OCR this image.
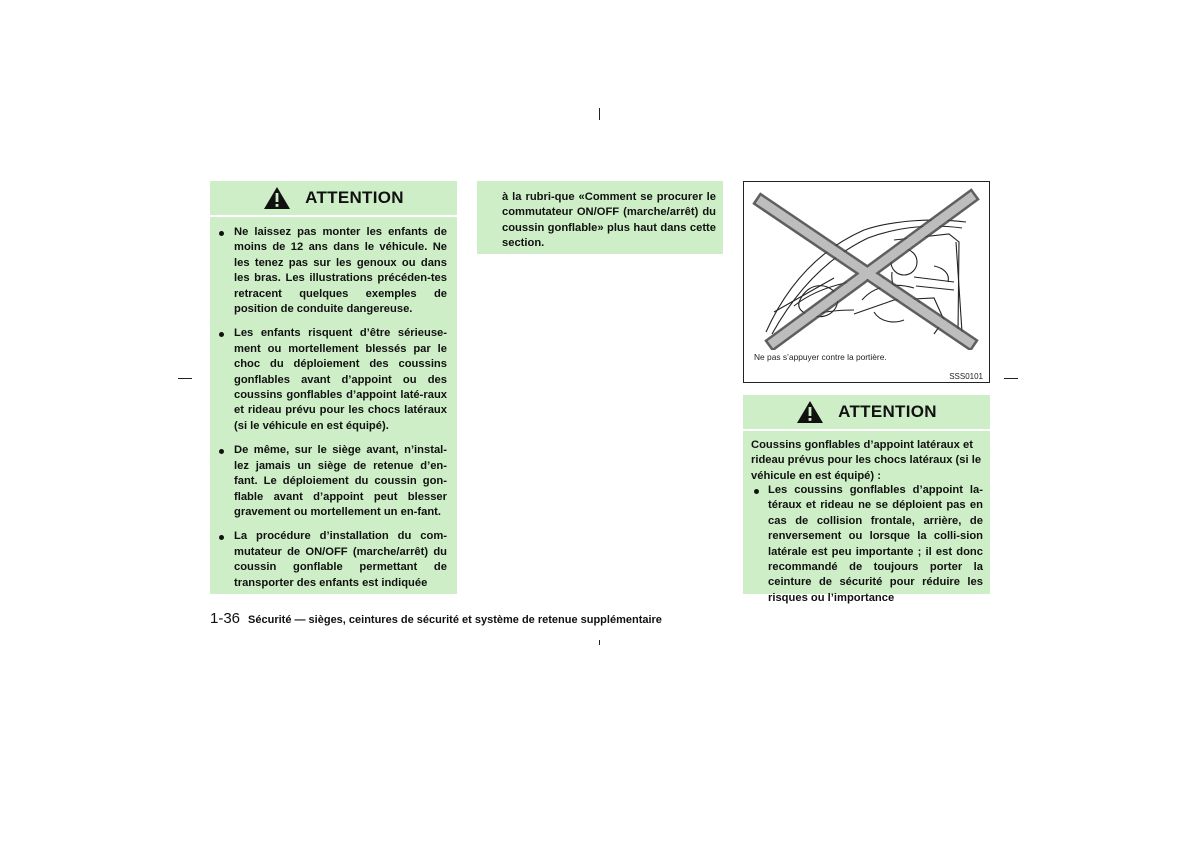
ATTENTION
Ne laissez pas monter les enfants de moins de 12 ans dans le véhicule. Ne les tenez pas sur les genoux ou dans les bras. Les illustrations précéden-tes retracent quelques exemples de position de conduite dangereuse.
Les enfants risquent d’être sérieuse-ment ou mortellement blessés par le choc du déploiement des coussins gonflables avant d’appoint ou des coussins gonflables d’appoint laté-raux et rideau prévu pour les chocs latéraux (si le véhicule en est équipé).
De même, sur le siège avant, n’instal-lez jamais un siège de retenue d’en-fant. Le déploiement du coussin gon-flable avant d’appoint peut blesser gravement ou mortellement un en-fant.
La procédure d’installation du com-mutateur de ON/OFF (marche/arrêt) du coussin gonflable permettant de transporter des enfants est indiquée
à la rubri-que «Comment se procurer le commutateur ON/OFF (marche/arrêt) du coussin gonflable» plus haut dans cette section.
Ne pas s’appuyer contre la portière.
SSS0101
ATTENTION
Coussins gonflables d’appoint latéraux et rideau prévus pour les chocs latéraux (si le véhicule en est équipé) :
Les coussins gonflables d’appoint la-téraux et rideau ne se déploient pas en cas de collision frontale, arrière, de renversement ou lorsque la colli-sion latérale est peu importante ; il est donc recommandé de toujours porter la ceinture de sécurité pour réduire les risques ou l’importance
1-36 Sécurité — sièges, ceintures de sécurité et système de retenue supplémentaire
